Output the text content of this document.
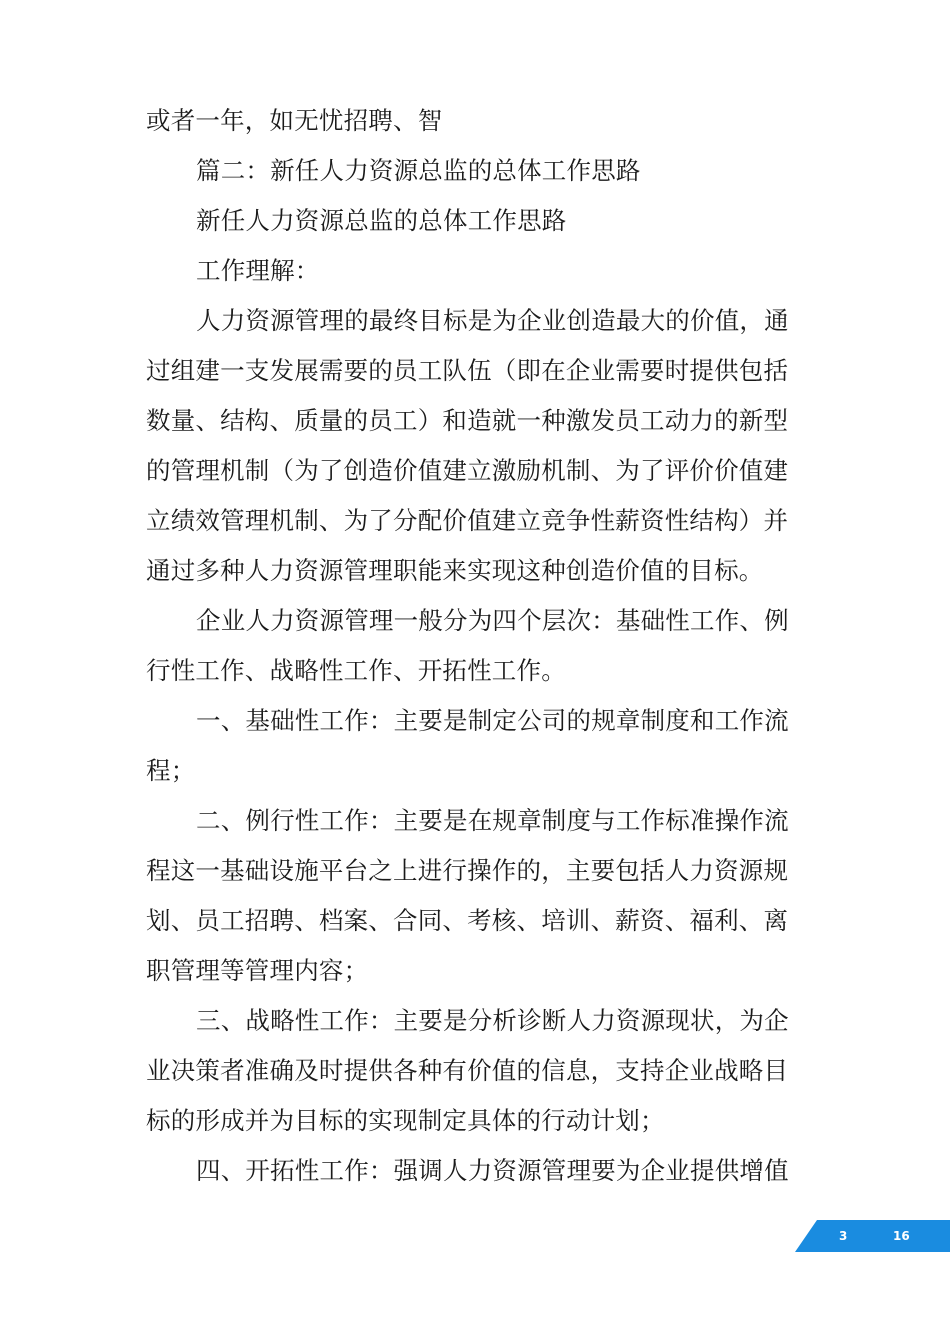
或者一年，如无忧招聘、智
篇二：新任人力资源总监的总体工作思路
新任人力资源总监的总体工作思路
工作理解：
人力资源管理的最终目标是为企业创造最大的价值，通
过组建一支发展需要的员工队伍（即在企业需要时提供包括
数量、结构、质量的员工）和造就一种激发员工动力的新型
的管理机制（为了创造价值建立激励机制、为了评价价值建
立绩效管理机制、为了分配价值建立竞争性薪资性结构）并
通过多种人力资源管理职能来实现这种创造价值的目标。
企业人力资源管理一般分为四个层次：基础性工作、例
行性工作、战略性工作、开拓性工作。
一、基础性工作：主要是制定公司的规章制度和工作流
程；
二、例行性工作：主要是在规章制度与工作标准操作流
程这一基础设施平台之上进行操作的，主要包括人力资源规
划、员工招聘、档案、合同、考核、培训、薪资、福利、离
职管理等管理内容；
三、战略性工作：主要是分析诊断人力资源现状，为企
业决策者准确及时提供各种有价值的信息，支持企业战略目
标的形成并为目标的实现制定具体的行动计划；
四、开拓性工作：强调人力资源管理要为企业提供增值
3	16
